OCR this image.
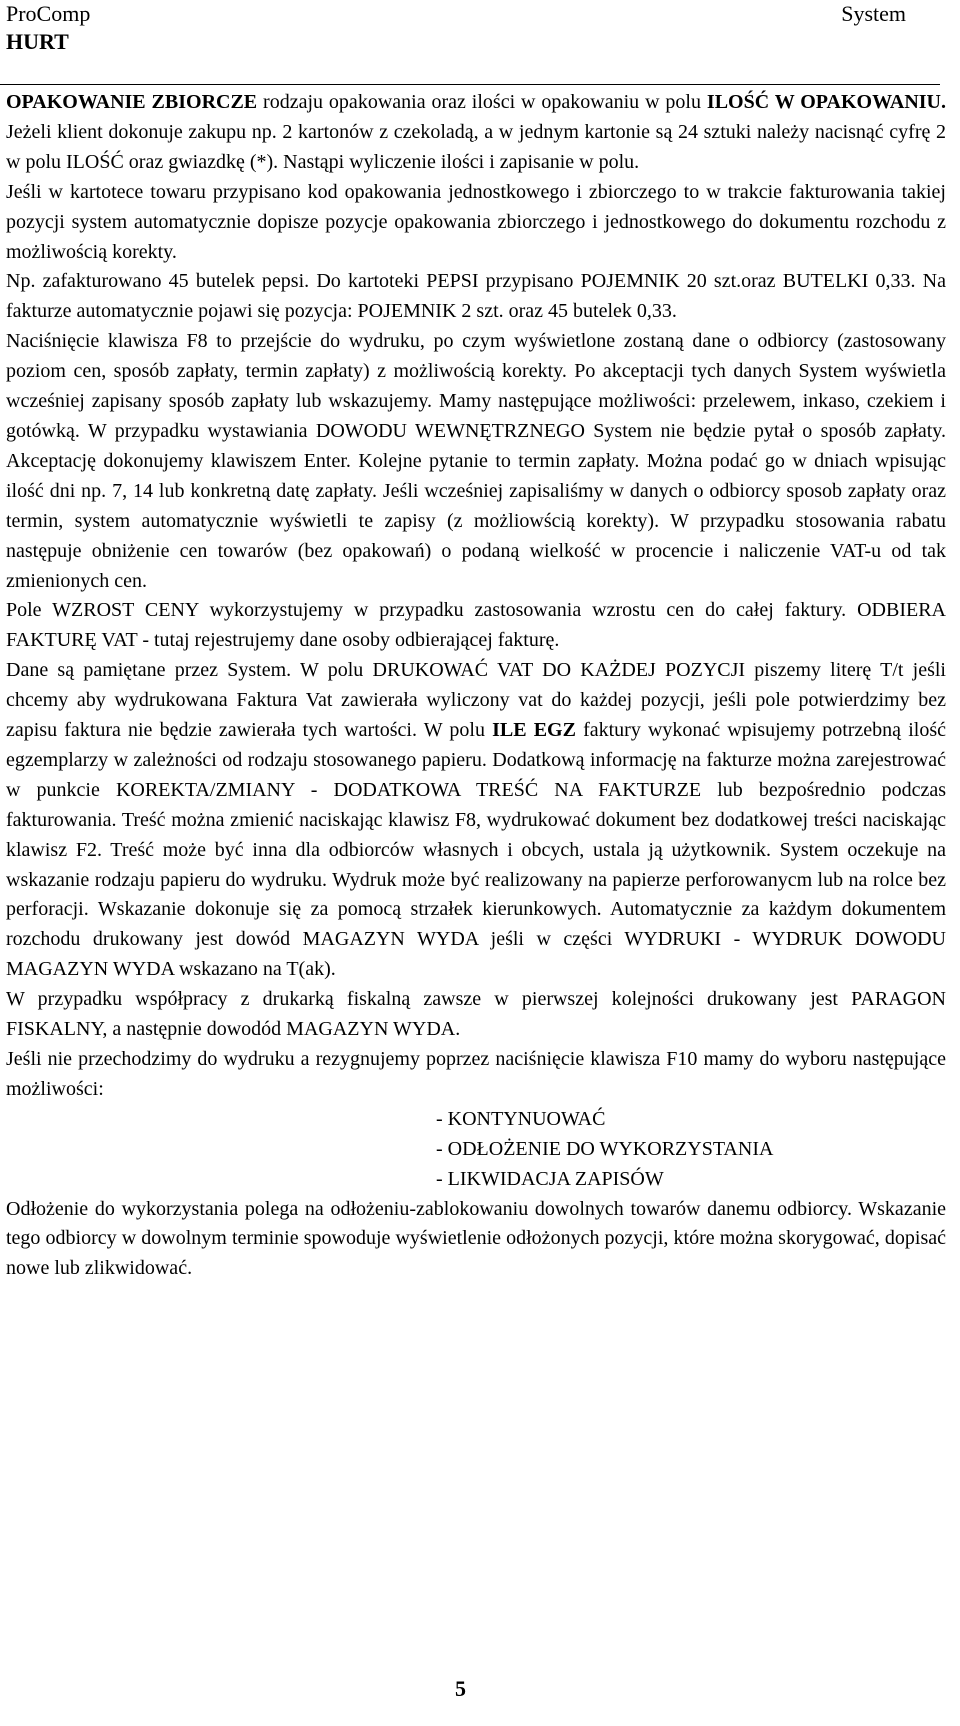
ProComp	System
HURT

OPAKOWANIE ZBIORCZE rodzaju opakowania oraz ilości w opakowaniu w polu ILOŚĆ W OPAKOWANIU. Jeżeli klient dokonuje zakupu np. 2 kartonów z czekoladą, a w jednym kartonie są 24 sztuki należy nacisnąć cyfrę 2 w polu ILOŚĆ oraz gwiazdkę (*). Nastąpi wyliczenie ilości i zapisanie w polu.

Jeśli w kartotece towaru przypisano kod opakowania jednostkowego i zbiorczego to w trakcie fakturowania takiej pozycji system automatycznie dopisze pozycje opakowania zbiorczego i jednostkowego do dokumentu rozchodu z możliwością korekty.

Np. zafakturowano 45 butelek pepsi. Do kartoteki PEPSI przypisano POJEMNIK 20 szt.oraz BUTELKI 0,33. Na fakturze automatycznie pojawi się pozycja: POJEMNIK 2 szt. oraz 45 butelek 0,33.

Naciśnięcie klawisza F8 to przejście do wydruku, po czym wyświetlone zostaną dane o odbiorcy (zastosowany poziom cen, sposób zapłaty, termin zapłaty) z możliwością korekty. Po akceptacji tych danych System wyświetla wcześniej zapisany sposób zapłaty lub wskazujemy. Mamy następujące możliwości: przelewem, inkaso, czekiem i gotówką. W przypadku wystawiania DOWODU WEWNĘTRZNEGO System nie będzie pytał o sposób zapłaty. Akceptację dokonujemy klawiszem Enter. Kolejne pytanie to termin zapłaty. Można podać go w dniach wpisując ilość dni np. 7, 14 lub konkretną datę zapłaty. Jeśli wcześniej zapisaliśmy w danych o odbiorcy sposob zapłaty oraz termin, system automatycznie wyświetli te zapisy (z możliowścią korekty). W przypadku stosowania rabatu następuje obniżenie cen towarów (bez opakowań) o podaną wielkość w procencie i naliczenie VAT-u od tak zmienionych cen.

Pole WZROST CENY wykorzystujemy w przypadku zastosowania wzrostu cen do całej faktury. ODBIERA FAKTURĘ VAT - tutaj rejestrujemy dane osoby odbierającej fakturę.

Dane są pamiętane przez System. W polu DRUKOWAĆ VAT DO KAŻDEJ POZYCJI piszemy literę T/t jeśli chcemy aby wydrukowana Faktura Vat zawierała wyliczony vat do każdej pozycji, jeśli pole potwierdzimy bez zapisu faktura nie będzie zawierała tych wartości. W polu ILE EGZ faktury wykonać wpisujemy potrzebną ilość egzemplarzy w zależności od rodzaju stosowanego papieru. Dodatkową informację na fakturze można zarejestrować w punkcie KOREKTA/ZMIANY - DODATKOWA TREŚĆ NA FAKTURZE lub bezpośrednio podczas fakturowania. Treść można zmienić naciskając klawisz F8, wydrukować dokument bez dodatkowej treści naciskając klawisz F2. Treść może być inna dla odbiorców własnych i obcych, ustala ją użytkownik. System oczekuje na wskazanie rodzaju papieru do wydruku. Wydruk może być realizowany na papierze perforowanycm lub na rolce bez perforacji. Wskazanie dokonuje się za pomocą strzałek kierunkowych. Automatycznie za każdym dokumentem rozchodu drukowany jest dowód MAGAZYN WYDA jeśli w części WYDRUKI - WYDRUK DOWODU MAGAZYN WYDA wskazano na T(ak).

W przypadku współpracy z drukarką fiskalną zawsze w pierwszej kolejności drukowany jest PARAGON FISKALNY, a następnie dowodód MAGAZYN WYDA.

Jeśli nie przechodzimy do wydruku a rezygnujemy poprzez naciśnięcie klawisza F10 mamy do wyboru następujące możliwości:

- KONTYNUOWAĆ
- ODŁOŻENIE DO WYKORZYSTANIA
- LIKWIDACJA ZAPISÓW

Odłożenie do wykorzystania polega na odłożeniu-zablokowaniu dowolnych towarów danemu odbiorcy. Wskazanie tego odbiorcy w dowolnym terminie spowoduje wyświetlenie odłożonych pozycji, które można skorygować, dopisać nowe lub zlikwidować.

5
